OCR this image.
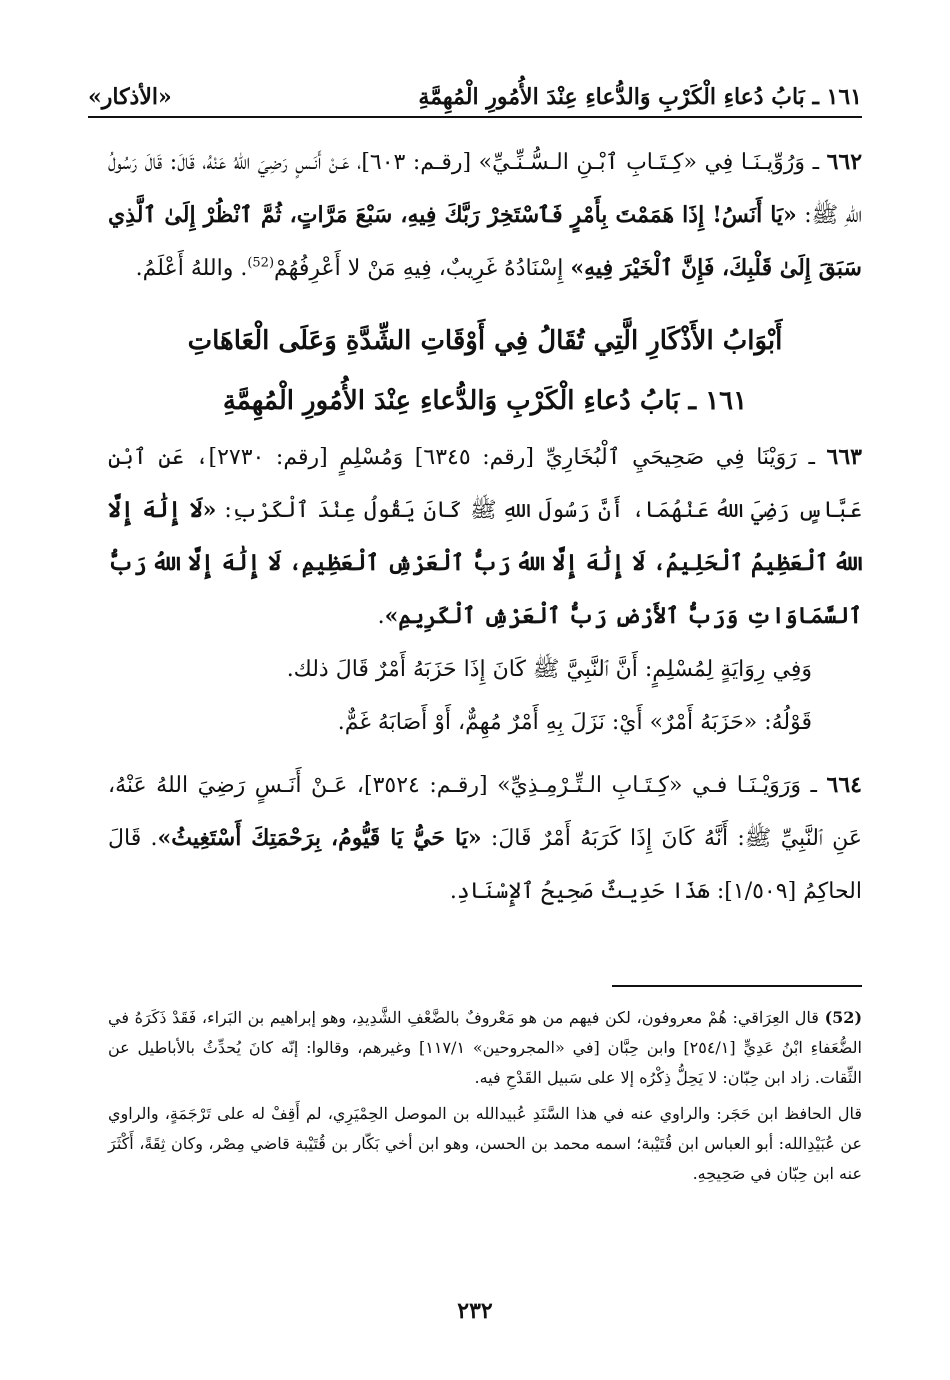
١٦١ ـ بَابُ دُعاءِ الْكَرْبِ وَالدُّعاءِ عِنْدَ الأُمُورِ الْمُهِمَّةِ
«الأذكار»

٦٦٢ ـ وَرُوِّيـنَـا فِي «كِـتَـابِ ٱبْـنِ الـسُّـنِّـيِّ» [رقـم: ٦٠٣]، عَـنْ أَنَـسٍ رَضِيَ اللهُ عَنْهُ، قَالَ: قَالَ رَسُولُ اللهِ ﷺ: «يَا أَنَسُ! إِذَا هَمَمْتَ بِأَمْرٍ فَٱسْتَخِرْ رَبَّكَ فِيهِ، سَبْعَ مَرَّاتٍ، ثُمَّ ٱنْظُرْ إِلَىٰ ٱلَّذِي سَبَقَ إِلَىٰ قَلْبِكَ، فَإِنَّ ٱلْخَيْرَ فِيهِ» إِسْنَادُهُ غَرِيبٌ، فِيهِ مَنْ لا أَعْرِفُهُمْ$^{(52)}$. واللهُ أَعْلَمُ.

أَبْوَابُ الأَذْكَارِ الَّتِي تُقَالُ فِي أَوْقَاتِ الشِّدَّةِ وَعَلَى الْعَاهَاتِ
١٦١ ـ بَابُ دُعاءِ الْكَرْبِ وَالدُّعاءِ عِنْدَ الأُمُورِ الْمُهِمَّةِ

٦٦٣ ـ رَوَيْنَا فِي صَحِيحَيِ ٱلْبُخَارِيِّ [رقم: ٦٣٤٥] وَمُسْلِمٍ [رقم: ٢٧٣٠]، عَنِ ٱبْنِ عَبَّاسٍ رَضِيَ اللهُ عَنْهُمَا، أَنَّ رَسُولَ اللهِ ﷺ كَانَ يَقُولُ عِنْدَ ٱلْكَرْبِ: «لَا إِلَٰهَ إِلَّا اللهُ ٱلْعَظِيمُ ٱلْحَلِيمُ، لَا إِلَٰهَ إِلَّا اللهُ رَبُّ ٱلْعَرْشِ ٱلْعَظِيمِ، لَا إِلَٰهَ إِلَّا اللهُ رَبُّ ٱلسَّمَاوَاتِ وَرَبُّ ٱلأَرْضِ رَبُّ ٱلْعَرْشِ ٱلْكَرِيمِ».

وَفِي رِوَايَةٍ لِمُسْلِمٍ: أَنَّ ٱلنَّبِيَّ ﷺ كَانَ إِذَا حَزَبَهُ أَمْرٌ قَالَ ذلك.

قَوْلُهُ: «حَزَبَهُ أَمْرٌ» أَيْ: نَزَلَ بِهِ أَمْرٌ مُهِمٌّ، أَوْ أَصَابَهُ غَمٌّ.

٦٦٤ ـ وَرَوَيْـنَـا فـي «كِـتَـابِ الـتِّـرْمِـذِيِّ» [رقـم: ٣٥٢٤]، عَـنْ أَنَـسٍ رَضِيَ اللهُ عَنْهُ، عَنِ ٱلنَّبِيِّ ﷺ: أَنَّهُ كَانَ إِذَا كَرَبَهُ أَمْرٌ قَالَ: «يَا حَيُّ يَا قَيُّومُ، بِرَحْمَتِكَ أَسْتَغِيثُ». قَالَ الحاكِمُ [١/٥٠٩]: هَذَا حَدِيثٌ صَحِيحُ ٱلإِسْنَادِ.

(52) قال العِرَاقي: هُمْ معروفون، لكن فيهم من هو مَعْروفٌ بالضَّعْفِ الشَّدِيدِ، وهو إبراهيم بن البَراء، فَقَدْ ذَكَرَهُ في الضُّعَفاءِ ابْنُ عَدِيٍّ [٢٥٤/١] وابن حِبَّان [في «المجروحين» ١١٧/١] وغيرهم، وقالوا: إنّه كانَ يُحدِّثُ بالأباطيل عن الثِّقات. زاد ابن حِبّان: لا يَحِلُّ ذِكْرُه إلا على سَبيل القَدْحِ فيه.

قال الحافظ ابن حَجَر: والراوي عنه في هذا السَّنَدِ عُبيدالله بن الموصل الحِمْيَرِي، لم أَقِفْ له على تَرْجَمَةٍ، والراوي عن عُبَيْدِالله: أبو العباس ابن قُتَيْبة؛ اسمه محمد بن الحسن، وهو ابن أخي بَكّار بن قُتَيْبة قاضي مِصْر، وكان ثِقَةً، أَكْثَرَ عنه ابن حِبّان في صَحِيحِهِ.

٢٣٢
